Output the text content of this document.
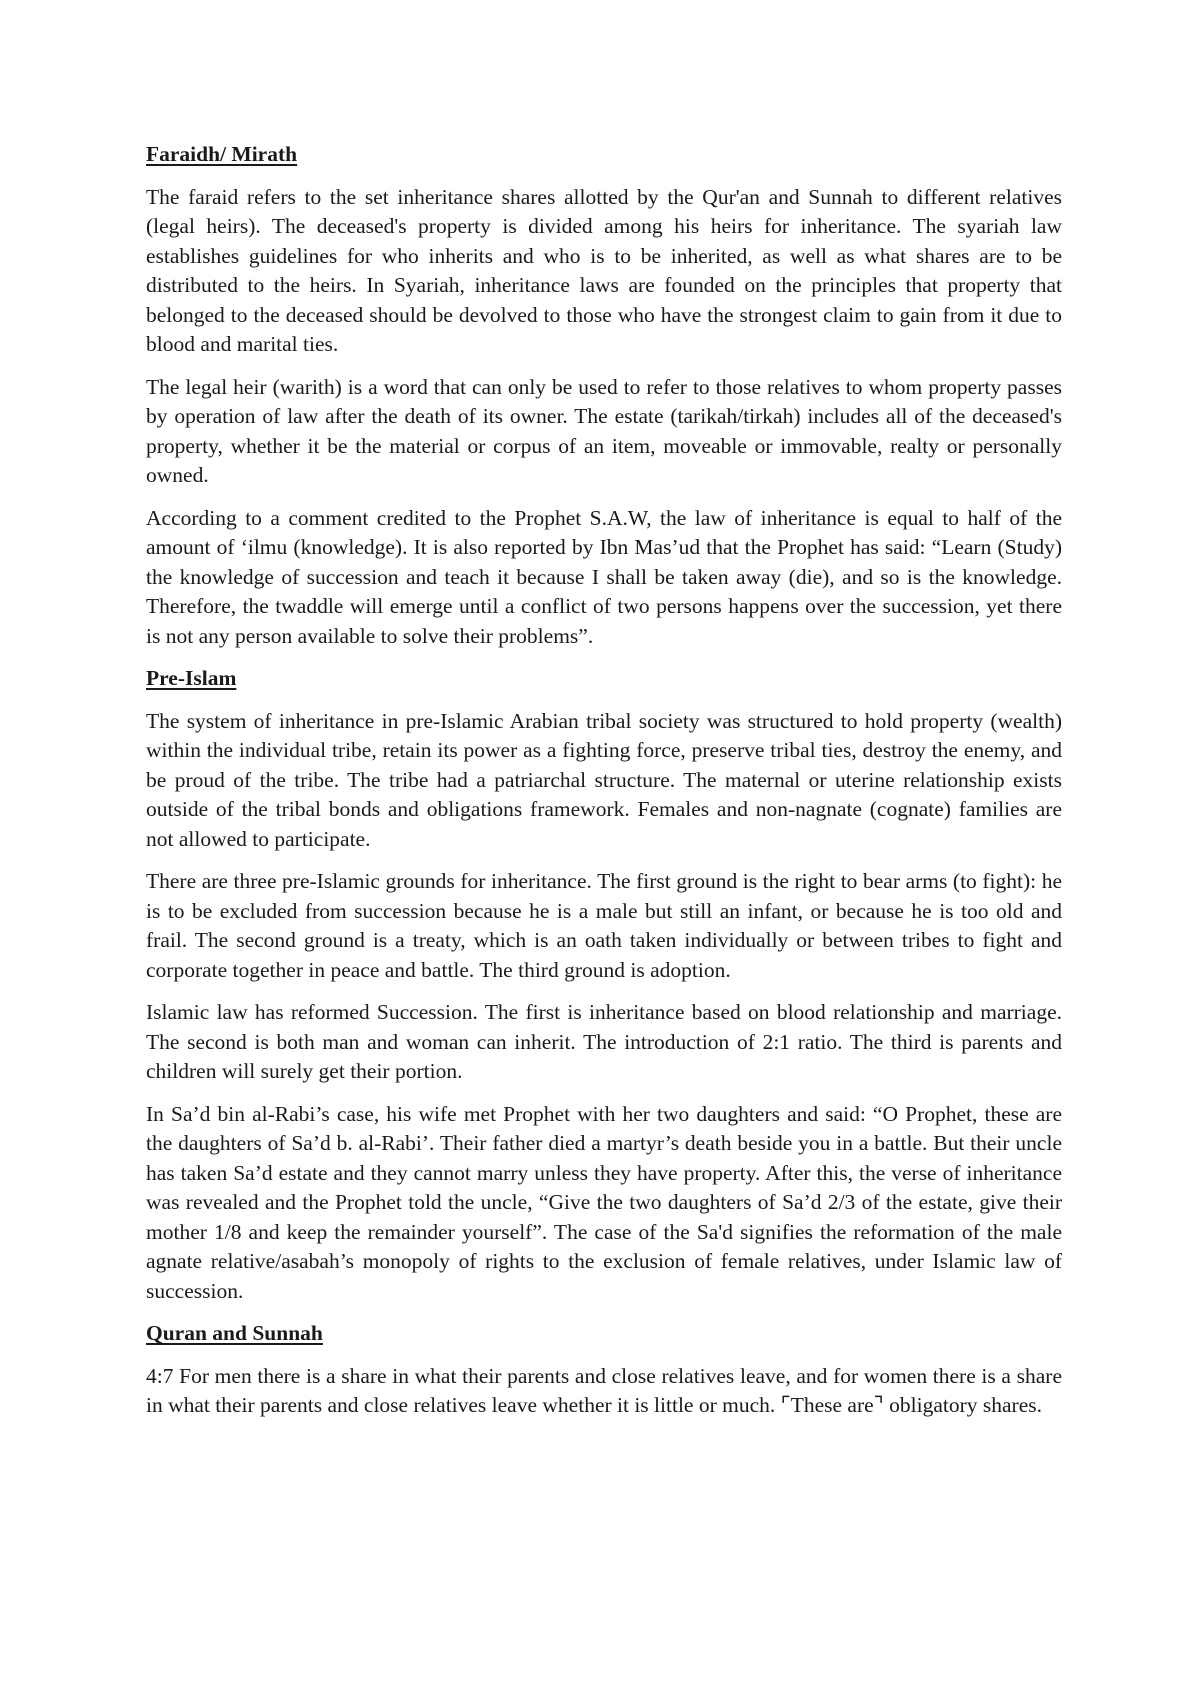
Faraidh/ Mirath

The faraid refers to the set inheritance shares allotted by the Qur'an and Sunnah to different relatives (legal heirs). The deceased's property is divided among his heirs for inheritance. The syariah law establishes guidelines for who inherits and who is to be inherited, as well as what shares are to be distributed to the heirs. In Syariah, inheritance laws are founded on the principles that property that belonged to the deceased should be devolved to those who have the strongest claim to gain from it due to blood and marital ties.

The legal heir (warith) is a word that can only be used to refer to those relatives to whom property passes by operation of law after the death of its owner. The estate (tarikah/tirkah) includes all of the deceased's property, whether it be the material or corpus of an item, moveable or immovable, realty or personally owned.

According to a comment credited to the Prophet S.A.W, the law of inheritance is equal to half of the amount of ‘ilmu (knowledge). It is also reported by Ibn Mas’ud that the Prophet has said: “Learn (Study) the knowledge of succession and teach it because I shall be taken away (die), and so is the knowledge. Therefore, the twaddle will emerge until a conflict of two persons happens over the succession, yet there is not any person available to solve their problems”.

Pre-Islam

The system of inheritance in pre-Islamic Arabian tribal society was structured to hold property (wealth) within the individual tribe, retain its power as a fighting force, preserve tribal ties, destroy the enemy, and be proud of the tribe. The tribe had a patriarchal structure. The maternal or uterine relationship exists outside of the tribal bonds and obligations framework. Females and non-nagnate (cognate) families are not allowed to participate.

There are three pre-Islamic grounds for inheritance. The first ground is the right to bear arms (to fight): he is to be excluded from succession because he is a male but still an infant, or because he is too old and frail. The second ground is a treaty, which is an oath taken individually or between tribes to fight and corporate together in peace and battle. The third ground is adoption.

Islamic law has reformed Succession. The first is inheritance based on blood relationship and marriage. The second is both man and woman can inherit. The introduction of 2:1 ratio. The third is parents and children will surely get their portion.

In Sa’d bin al-Rabi’s case, his wife met Prophet with her two daughters and said: “O Prophet, these are the daughters of Sa’d b. al-Rabi’. Their father died a martyr’s death beside you in a battle. But their uncle has taken Sa’d estate and they cannot marry unless they have property. After this, the verse of inheritance was revealed and the Prophet told the uncle, “Give the two daughters of Sa’d 2/3 of the estate, give their mother 1/8 and keep the remainder yourself”. The case of the Sa'd signifies the reformation of the male agnate relative/asabah’s monopoly of rights to the exclusion of female relatives, under Islamic law of succession.

Quran and Sunnah

4:7 For men there is a share in what their parents and close relatives leave, and for women there is a share in what their parents and close relatives leave whether it is little or much. ⌜These are⌝ obligatory shares.
